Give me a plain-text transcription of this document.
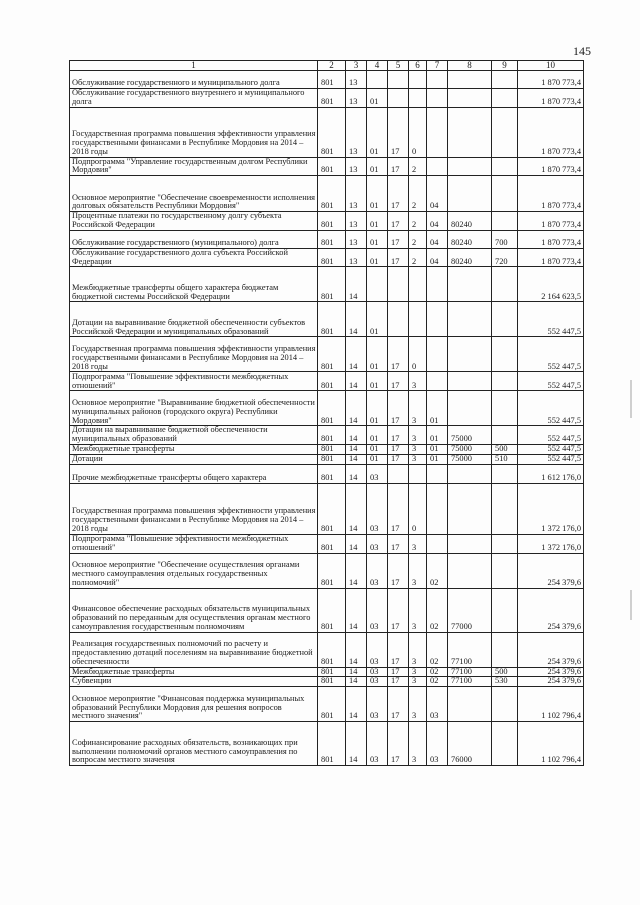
145
1	2	3	4	5	6	7	8	9	10
Обслуживание государственного и муниципального долга	801	13							1 870 773,4
Обслуживание государственного внутреннего и муниципального долга	801	13	01						1 870 773,4
Государственная программа повышения эффективности управления государственными финансами в Республике Мордовия на 2014 – 2018 годы	801	13	01	17	0				1 870 773,4
Подпрограмма "Управление государственным долгом Республики Мордовия"	801	13	01	17	2				1 870 773,4
Основное мероприятие "Обеспечение своевременности исполнения долговых обязательств Республики Мордовия"	801	13	01	17	2	04			1 870 773,4
Процентные платежи по государственному долгу субъекта Российской Федерации	801	13	01	17	2	04	80240		1 870 773,4
Обслуживание государственного (муниципального) долга	801	13	01	17	2	04	80240	700	1 870 773,4
Обслуживание государственного долга субъекта Российской Федерации	801	13	01	17	2	04	80240	720	1 870 773,4
Межбюджетные трансферты общего характера бюджетам бюджетной системы Российской Федерации	801	14							2 164 623,5
Дотации на выравнивание бюджетной обеспеченности субъектов Российской Федерации и муниципальных образований	801	14	01						552 447,5
Государственная программа повышения эффективности управления государственными финансами в Республике Мордовия на 2014 – 2018 годы	801	14	01	17	0				552 447,5
Подпрограмма "Повышение эффективности межбюджетных отношений"	801	14	01	17	3				552 447,5
Основное мероприятие "Выравнивание бюджетной обеспеченности муниципальных районов (городского округа) Республики Мордовия"	801	14	01	17	3	01			552 447,5
Дотации на выравнивание бюджетной обеспеченности муниципальных образований	801	14	01	17	3	01	75000		552 447,5
Межбюджетные трансферты	801	14	01	17	3	01	75000	500	552 447,5
Дотации	801	14	01	17	3	01	75000	510	552 447,5
Прочие межбюджетные трансферты общего характера	801	14	03						1 612 176,0
Государственная программа повышения эффективности управления государственными финансами в Республике Мордовия на 2014 – 2018 годы	801	14	03	17	0				1 372 176,0
Подпрограмма "Повышение эффективности межбюджетных отношений"	801	14	03	17	3				1 372 176,0
Основное мероприятие "Обеспечение осуществления органами местного самоуправления отдельных государственных полномочий"	801	14	03	17	3	02			254 379,6
Финансовое обеспечение расходных обязательств муниципальных образований по переданным для осуществления органам местного самоуправления государственным полномочиям	801	14	03	17	3	02	77000		254 379,6
Реализация государственных полномочий по расчету и предоставлению дотаций поселениям на выравнивание бюджетной обеспеченности	801	14	03	17	3	02	77100		254 379,6
Межбюджетные трансферты	801	14	03	17	3	02	77100	500	254 379,6
Субвенции	801	14	03	17	3	02	77100	530	254 379,6
Основное мероприятие "Финансовая поддержка муниципальных образований Республики Мордовия для решения вопросов местного значения"	801	14	03	17	3	03			1 102 796,4
Софинансирование расходных обязательств, возникающих при выполнении полномочий органов местного самоуправления по вопросам местного значения	801	14	03	17	3	03	76000		1 102 796,4
